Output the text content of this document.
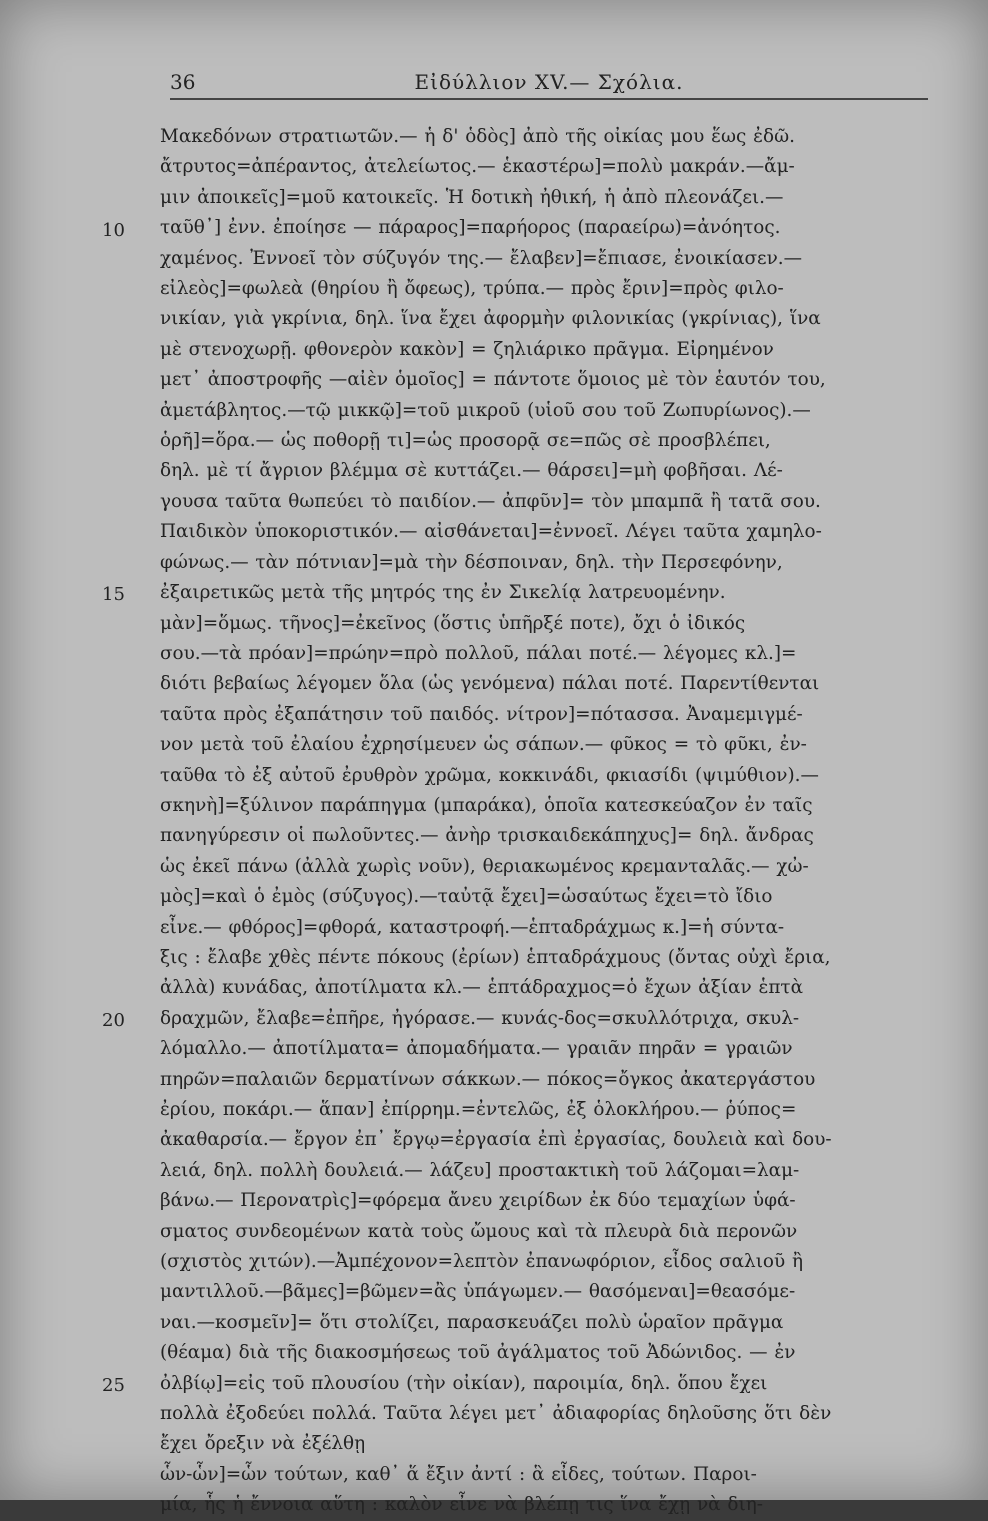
36	Εἰδύλλιον XV.— Σχόλια.
10
15
20
25

Μακεδόνων στρατιωτῶν.— ἡ δ' ὁδὸς] ἀπὸ τῆς οἰκίας μου ἕως ἐδῶ.

ἄτρυτος=ἀπέραντος, ἀτελείωτος.— ἑκαστέρω]=πολὺ μακράν.—ἄμ-

μιν ἀποικεῖς]=μοῦ κατοικεῖς. Ἡ δοτικὴ ἠθική, ἡ ἀπὸ πλεονάζει.—

ταῦθ᾿] ἐνν. ἐποίησε — πάραρος]=παρήορος (παραείρω)=ἀνόητος.

χαμένος. Ἐννοεῖ τὸν σύζυγόν της.— ἔλαβεν]=ἔπιασε, ἐνοικίασεν.—

εἰλεὸς]=φωλεὰ (θηρίου ἢ ὄφεως), τρύπα.— πρὸς ἔριν]=πρὸς φιλο-

νικίαν, γιὰ γκρίνια, δηλ. ἵνα ἔχει ἀφορμὴν φιλονικίας (γκρίνιας), ἵνα

μὲ στενοχωρῇ. φθονερὸν κακὸν] = ζηλιάρικο πρᾶγμα. Εἰρημένον

μετ᾿ ἀποστροφῆς —αἰὲν ὁμοῖος] = πάντοτε ὅμοιος μὲ τὸν ἑαυτόν του,

ἀμετάβλητος.—τῷ μικκῷ]=τοῦ μικροῦ (υἱοῦ σου τοῦ Ζωπυρίωνος).—

ὁρῆ]=ὅρα.— ὡς ποθορῇ τι]=ὡς προσορᾷ σε=πῶς σὲ προσβλέπει,

δηλ. μὲ τί ἄγριον βλέμμα σὲ κυττάζει.— θάρσει]=μὴ φοβῆσαι. Λέ-

γουσα ταῦτα θωπεύει τὸ παιδίον.— ἀπφῦν]= τὸν μπαμπᾶ ἢ τατᾶ σου.

Παιδικὸν ὑποκοριστικόν.— αἰσθάνεται]=ἐννοεῖ. Λέγει ταῦτα χαμηλο-

φώνως.— τὰν πότνιαν]=μὰ τὴν δέσποιναν, δηλ. τὴν Περσεφόνην,

ἐξαιρετικῶς μετὰ τῆς μητρός της ἐν Σικελίᾳ λατρευομένην.

μὰν]=ὅμως. τῆνος]=ἐκεῖνος (ὅστις ὑπῆρξέ ποτε), ὄχι ὁ ἰδικός

σου.—τὰ πρόαν]=πρώην=πρὸ πολλοῦ, πάλαι ποτέ.— λέγομες κλ.]=

διότι βεβαίως λέγομεν ὅλα (ὡς γενόμενα) πάλαι ποτέ. Παρεντίθενται

ταῦτα πρὸς ἐξαπάτησιν τοῦ παιδός. νίτρον]=πότασσα. Ἀναμεμιγμέ-

νον μετὰ τοῦ ἐλαίου ἐχρησίμευεν ὡς σάπων.— φῦκος = τὸ φῦκι, ἐν-

ταῦθα τὸ ἐξ αὐτοῦ ἐρυθρὸν χρῶμα, κοκκινάδι, φκιασίδι (ψιμύθιον).—

σκηνὴ]=ξύλινον παράπηγμα (μπαράκα), ὁποῖα κατεσκεύαζον ἐν ταῖς

πανηγύρεσιν οἱ πωλοῦντες.— ἀνὴρ τρισκαιδεκάπηχυς]= δηλ. ἄνδρας

ὡς ἐκεῖ πάνω (ἀλλὰ χωρὶς νοῦν), θεριακωμένος κρεμανταλᾶς.— χὠ-

μὸς]=καὶ ὁ ἐμὸς (σύζυγος).—ταὐτᾷ ἔχει]=ὡσαύτως ἔχει=τὸ ἴδιο

εἶνε.— φθόρος]=φθορά, καταστροφή.—ἑπταδράχμως κ.]=ἡ σύντα-

ξις : ἔλαβε χθὲς πέντε πόκους (ἐρίων) ἑπταδράχμους (ὄντας οὐχὶ ἔρια,

ἀλλὰ) κυνάδας, ἀποτίλματα κλ.— ἑπτάδραχμος=ὁ ἔχων ἀξίαν ἑπτὰ

δραχμῶν, ἔλαβε=ἐπῆρε, ἠγόρασε.— κυνάς-δος=σκυλλότριχα, σκυλ-

λόμαλλο.— ἀποτίλματα= ἀπομαδήματα.— γραιᾶν πηρᾶν = γραιῶν

πηρῶν=παλαιῶν δερματίνων σάκκων.— πόκος=ὄγκος ἀκατεργάστου

ἐρίου, ποκάρι.— ἅπαν] ἐπίρρημ.=ἐντελῶς, ἐξ ὁλοκλήρου.— ῥύπος=

ἀκαθαρσία.— ἔργον ἐπ᾿ ἔργῳ=ἐργασία ἐπὶ ἐργασίας, δουλειὰ καὶ δου-

λειά, δηλ. πολλὴ δουλειά.— λάζευ] προστακτικὴ τοῦ λάζομαι=λαμ-

βάνω.— Περονατρὶς]=φόρεμα ἄνευ χειρίδων ἐκ δύο τεμαχίων ὑφά-

σματος συνδεομένων κατὰ τοὺς ὤμους καὶ τὰ πλευρὰ διὰ περονῶν

(σχιστὸς χιτών).—Ἀμπέχονον=λεπτὸν ἐπανωφόριον, εἶδος σαλιοῦ ἢ

μαντιλλοῦ.—βᾶμες]=βῶμεν=ἂς ὑπάγωμεν.— θασόμεναι]=θεασόμε-

ναι.—κοσμεῖν]= ὅτι στολίζει, παρασκευάζει πολὺ ὡραῖον πρᾶγμα

(θέαμα) διὰ τῆς διακοσμήσεως τοῦ ἀγάλματος τοῦ Ἀδώνιδος. — ἐν

ὀλβίῳ]=εἰς τοῦ πλουσίου (τὴν οἰκίαν), παροιμία, δηλ. ὅπου ἔχει

πολλὰ ἐξοδεύει πολλά. Ταῦτα λέγει μετ᾿ ἀδιαφορίας δηλοῦσης ὅτι δὲν

ἔχει ὄρεξιν νὰ ἐξέλθῃ

ὧν-ὧν]=ὧν τούτων, καθ᾿ ἅ ἔξιν ἀντί : ἃ εἶδες, τούτων. Παροι-

μία, ἧς ἡ ἔννοια αὕτη : καλὸν εἶνε νὰ βλέπῃ τις ἵνα ἔχῃ νὰ διη-
